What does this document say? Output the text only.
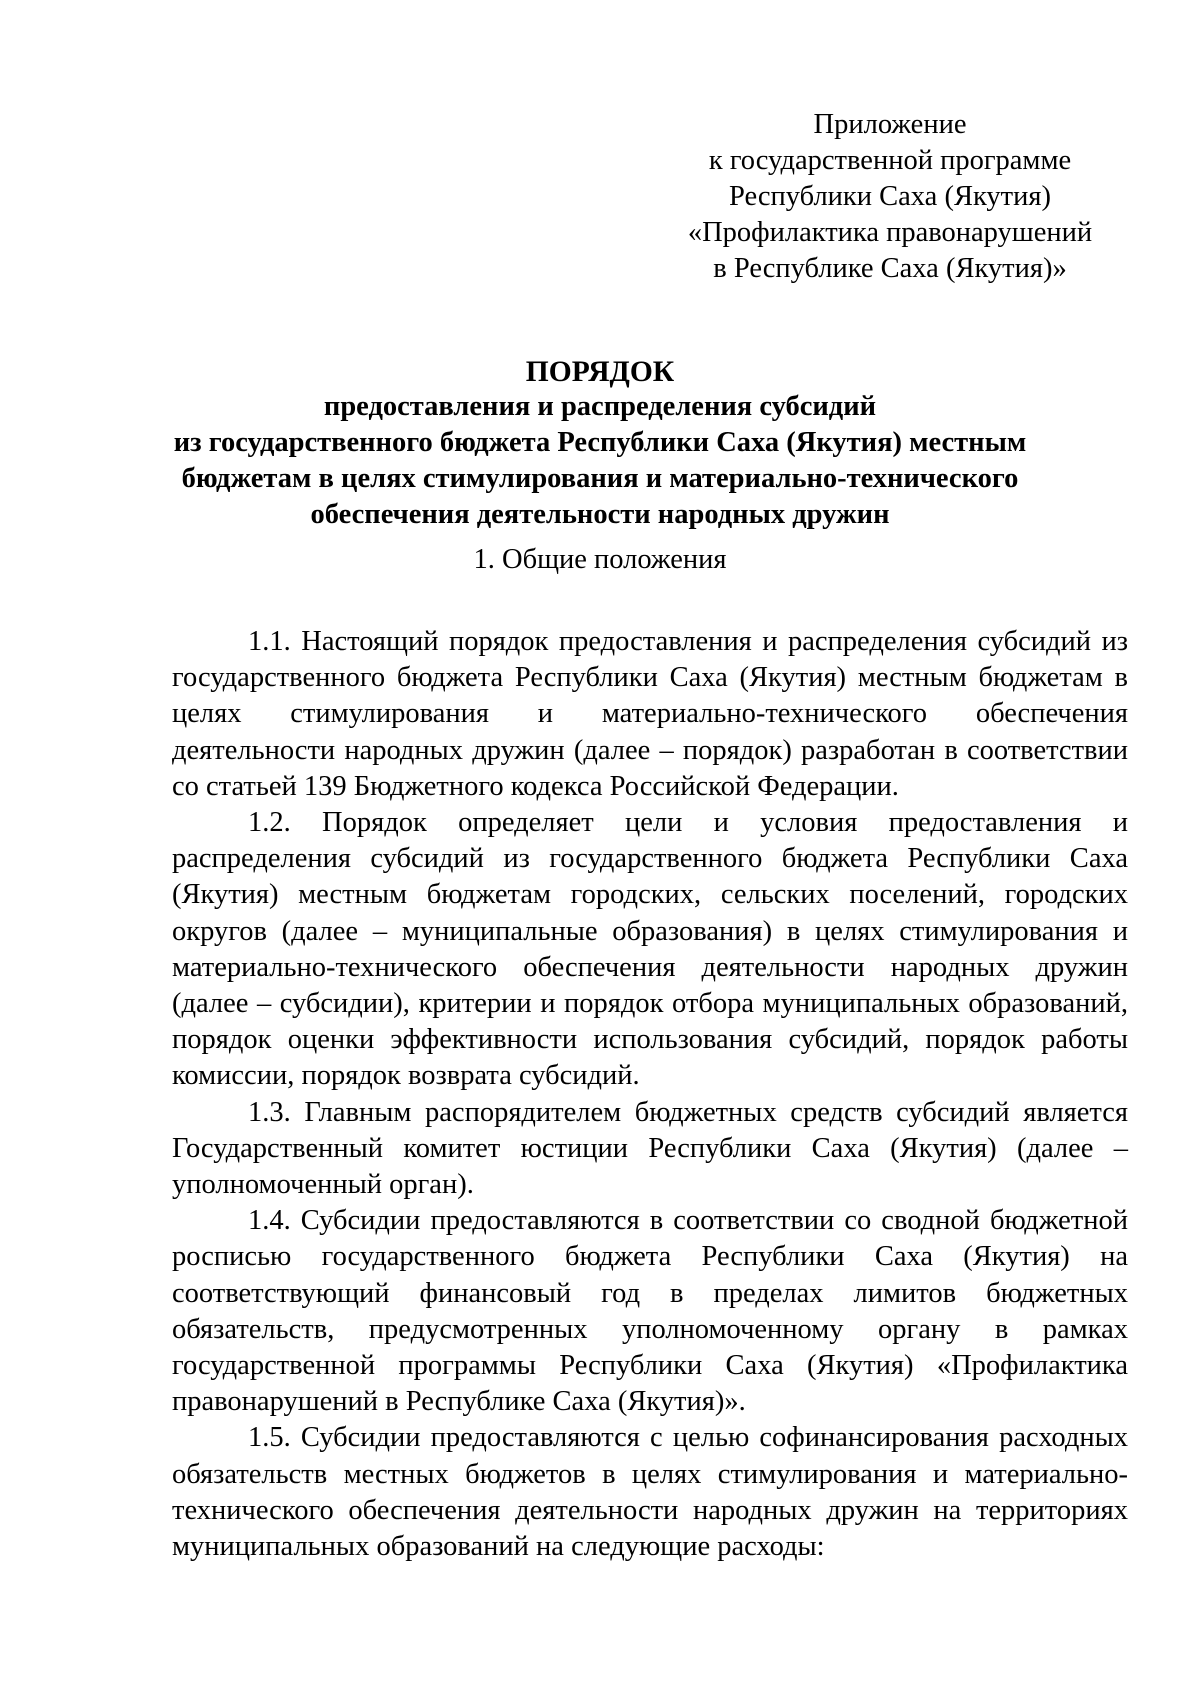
Приложение
к государственной программе
Республики Саха (Якутия)
«Профилактика правонарушений
в Республике Саха (Якутия)»
ПОРЯДОК
предоставления и распределения субсидий
из государственного бюджета Республики Саха (Якутия) местным
бюджетам в целях стимулирования и материально-технического
обеспечения деятельности народных дружин
1. Общие положения

1.1. Настоящий порядок предоставления и распределения субсидий из государственного бюджета Республики Саха (Якутия) местным бюджетам в целях стимулирования и материально-технического обеспечения деятельности народных дружин (далее – порядок) разработан в соответствии со статьей 139 Бюджетного кодекса Российской Федерации.

1.2. Порядок определяет цели и условия предоставления и распределения субсидий из государственного бюджета Республики Саха (Якутия) местным бюджетам городских, сельских поселений, городских округов (далее – муниципальные образования) в целях стимулирования и материально-технического обеспечения деятельности народных дружин (далее – субсидии), критерии и порядок отбора муниципальных образований, порядок оценки эффективности использования субсидий, порядок работы комиссии, порядок возврата субсидий.

1.3. Главным распорядителем бюджетных средств субсидий является Государственный комитет юстиции Республики Саха (Якутия) (далее – уполномоченный орган).

1.4. Субсидии предоставляются в соответствии со сводной бюджетной росписью государственного бюджета Республики Саха (Якутия) на соответствующий финансовый год в пределах лимитов бюджетных обязательств, предусмотренных уполномоченному органу в рамках государственной программы Республики Саха (Якутия) «Профилактика правонарушений в Республике Саха (Якутия)».

1.5. Субсидии предоставляются с целью софинансирования расходных обязательств местных бюджетов в целях стимулирования и материально-технического обеспечения деятельности народных дружин на территориях муниципальных образований на следующие расходы:
